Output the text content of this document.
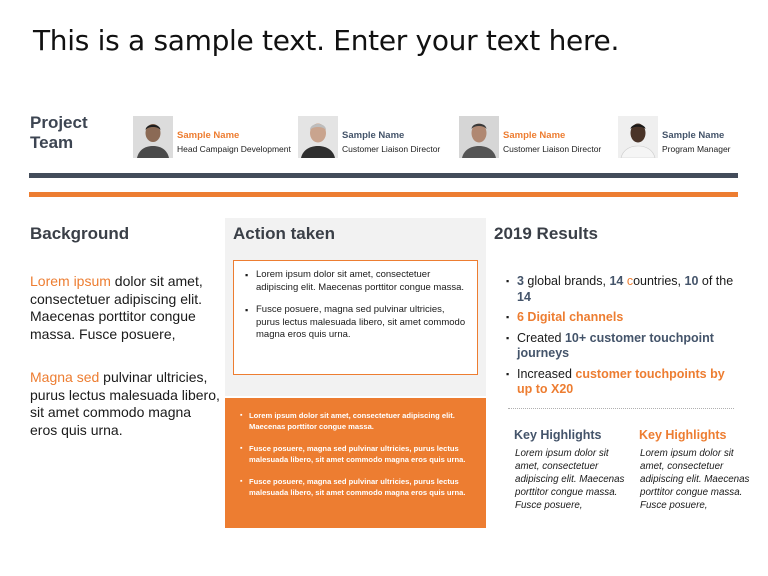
This is a sample text. Enter your text here.
Project
Team	Sample Name
Head Campaign Development
Sample Name
Customer Liaison Director
Sample Name
Customer Liaison Director
Sample Name
Program Manager
Background

Lorem ipsum dolor sit amet, consectetuer adipiscing elit. Maecenas porttitor congue massa. Fusce posuere,

Magna sed pulvinar ultricies, purus lectus malesuada libero, sit amet commodo magna eros quis urna.

Action taken
▪ Lorem ipsum dolor sit amet, consectetuer adipiscing elit. Maecenas porttitor congue massa.
▪ Fusce posuere, magna sed pulvinar ultricies, purus lectus malesuada libero, sit amet commodo magna eros quis urna.
▪ Lorem ipsum dolor sit amet, consectetuer adipiscing elit. Maecenas porttitor congue massa.
▪ Fusce posuere, magna sed pulvinar ultricies, purus lectus malesuada libero, sit amet commodo magna eros quis urna.
▪ Fusce posuere, magna sed pulvinar ultricies, purus lectus malesuada libero, sit amet commodo magna eros quis urna.
2019 Results
▪ 3 global brands, 14 countries, 10 of the 14
▪ 6 Digital channels
▪ Created 10+ customer touchpoint journeys
▪ Increased customer touchpoints by up to X20
Key Highlights
Lorem ipsum dolor sit amet, consectetuer adipiscing elit. Maecenas porttitor congue massa. Fusce posuere,
Key Highlights
Lorem ipsum dolor sit amet, consectetuer adipiscing elit. Maecenas porttitor congue massa. Fusce posuere,
